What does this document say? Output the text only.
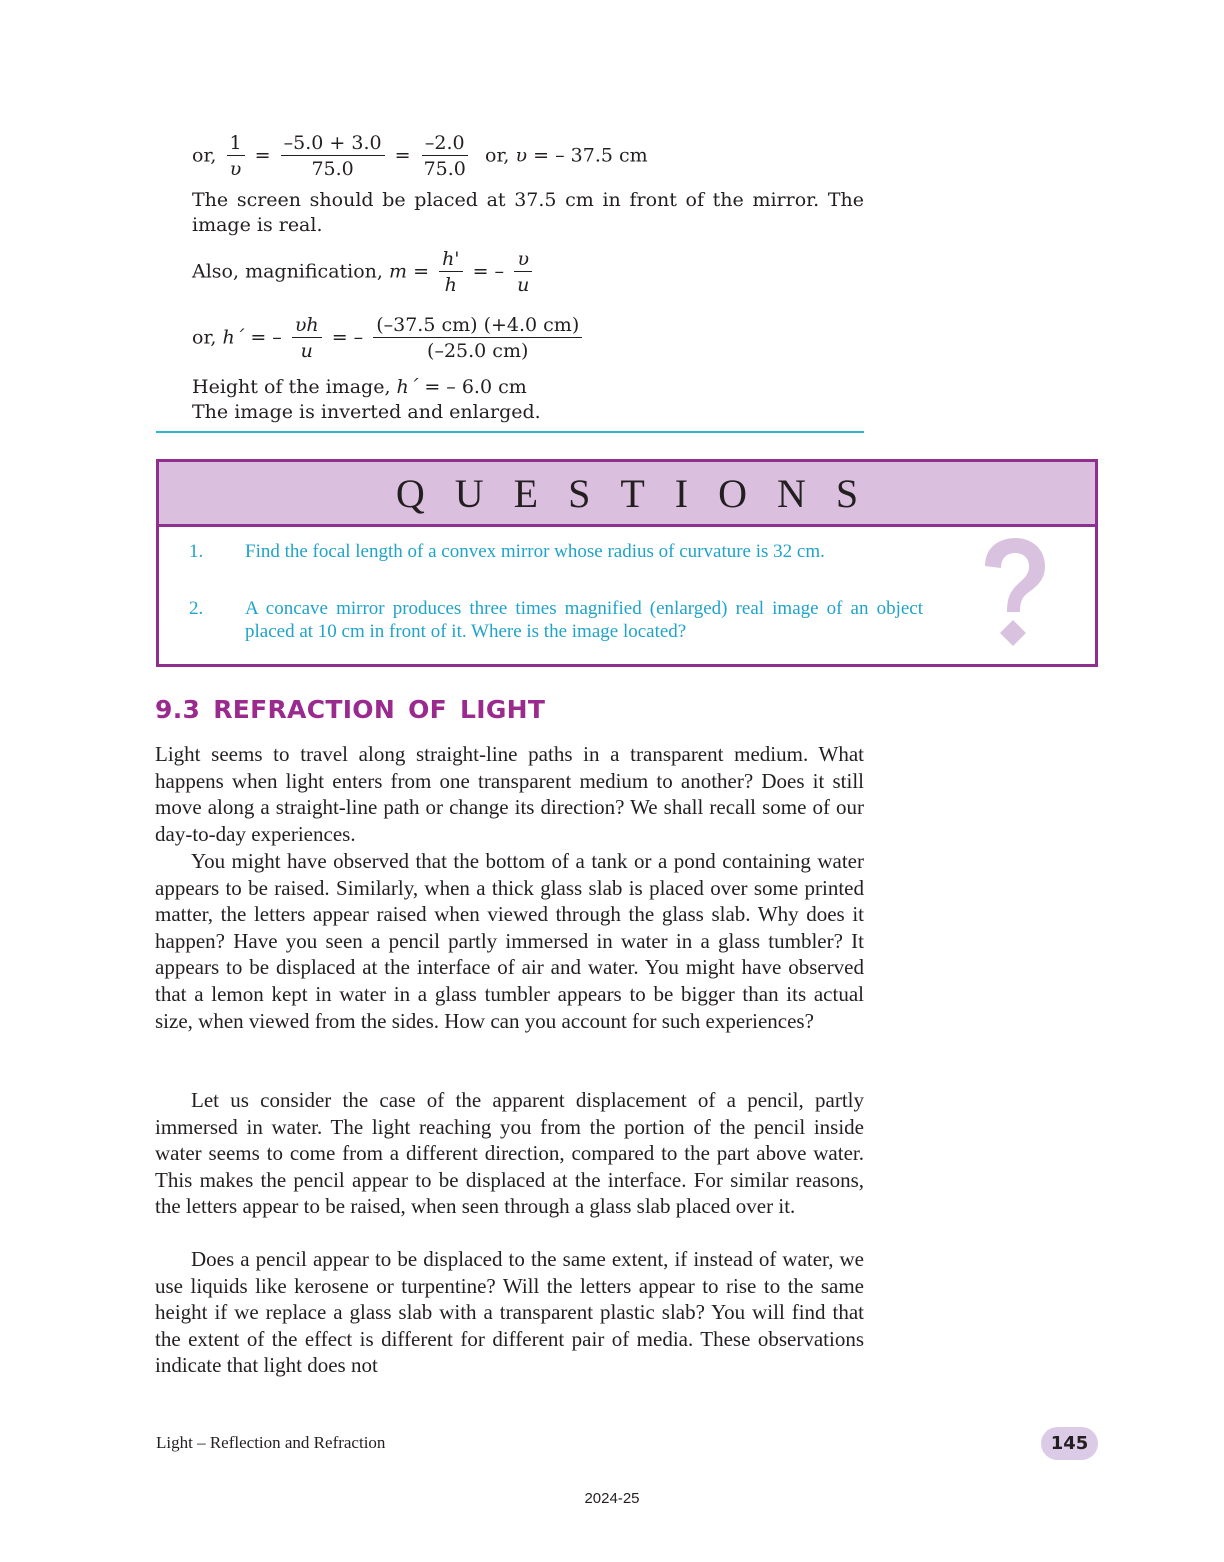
or, $\frac{1}{\upsilon} = \frac{-5.0 + 3.0}{75.0} = \frac{-2.0}{75.0}$ or, υ = – 37.5 cm
The screen should be placed at 37.5 cm in front of the mirror. The image is real.
Also, magnification, $m = \frac{h'}{h}$ = – $\frac{\upsilon}{u}$
or, h´ = – $\frac{\upsilon h}{u}$ = – $\frac{(-37.5 cm) (+4.0 cm)}{(-25.0 cm)}$
Height of the image, h´ = – 6.0 cm
The image is inverted and enlarged.
QUESTIONS
1.	Find the focal length of a convex mirror whose radius of curvature is 32 cm.
2.	A concave mirror produces three times magnified (enlarged) real image of an object placed at 10 cm in front of it. Where is the image located?
9.3 REFRACTION OF LIGHT
Light seems to travel along straight-line paths in a transparent medium. What happens when light enters from one transparent medium to another? Does it still move along a straight-line path or change its direction? We shall recall some of our day-to-day experiences.
You might have observed that the bottom of a tank or a pond containing water appears to be raised. Similarly, when a thick glass slab is placed over some printed matter, the letters appear raised when viewed through the glass slab. Why does it happen? Have you seen a pencil partly immersed in water in a glass tumbler? It appears to be displaced at the interface of air and water. You might have observed that a lemon kept in water in a glass tumbler appears to be bigger than its actual size, when viewed from the sides. How can you account for such experiences?
Let us consider the case of the apparent displacement of a pencil, partly immersed in water. The light reaching you from the portion of the pencil inside water seems to come from a different direction, compared to the part above water. This makes the pencil appear to be displaced at the interface. For similar reasons, the letters appear to be raised, when seen through a glass slab placed over it.
Does a pencil appear to be displaced to the same extent, if instead of water, we use liquids like kerosene or turpentine? Will the letters appear to rise to the same height if we replace a glass slab with a transparent plastic slab? You will find that the extent of the effect is different for different pair of media. These observations indicate that light does not
Light – Reflection and Refraction	145
2024-25
